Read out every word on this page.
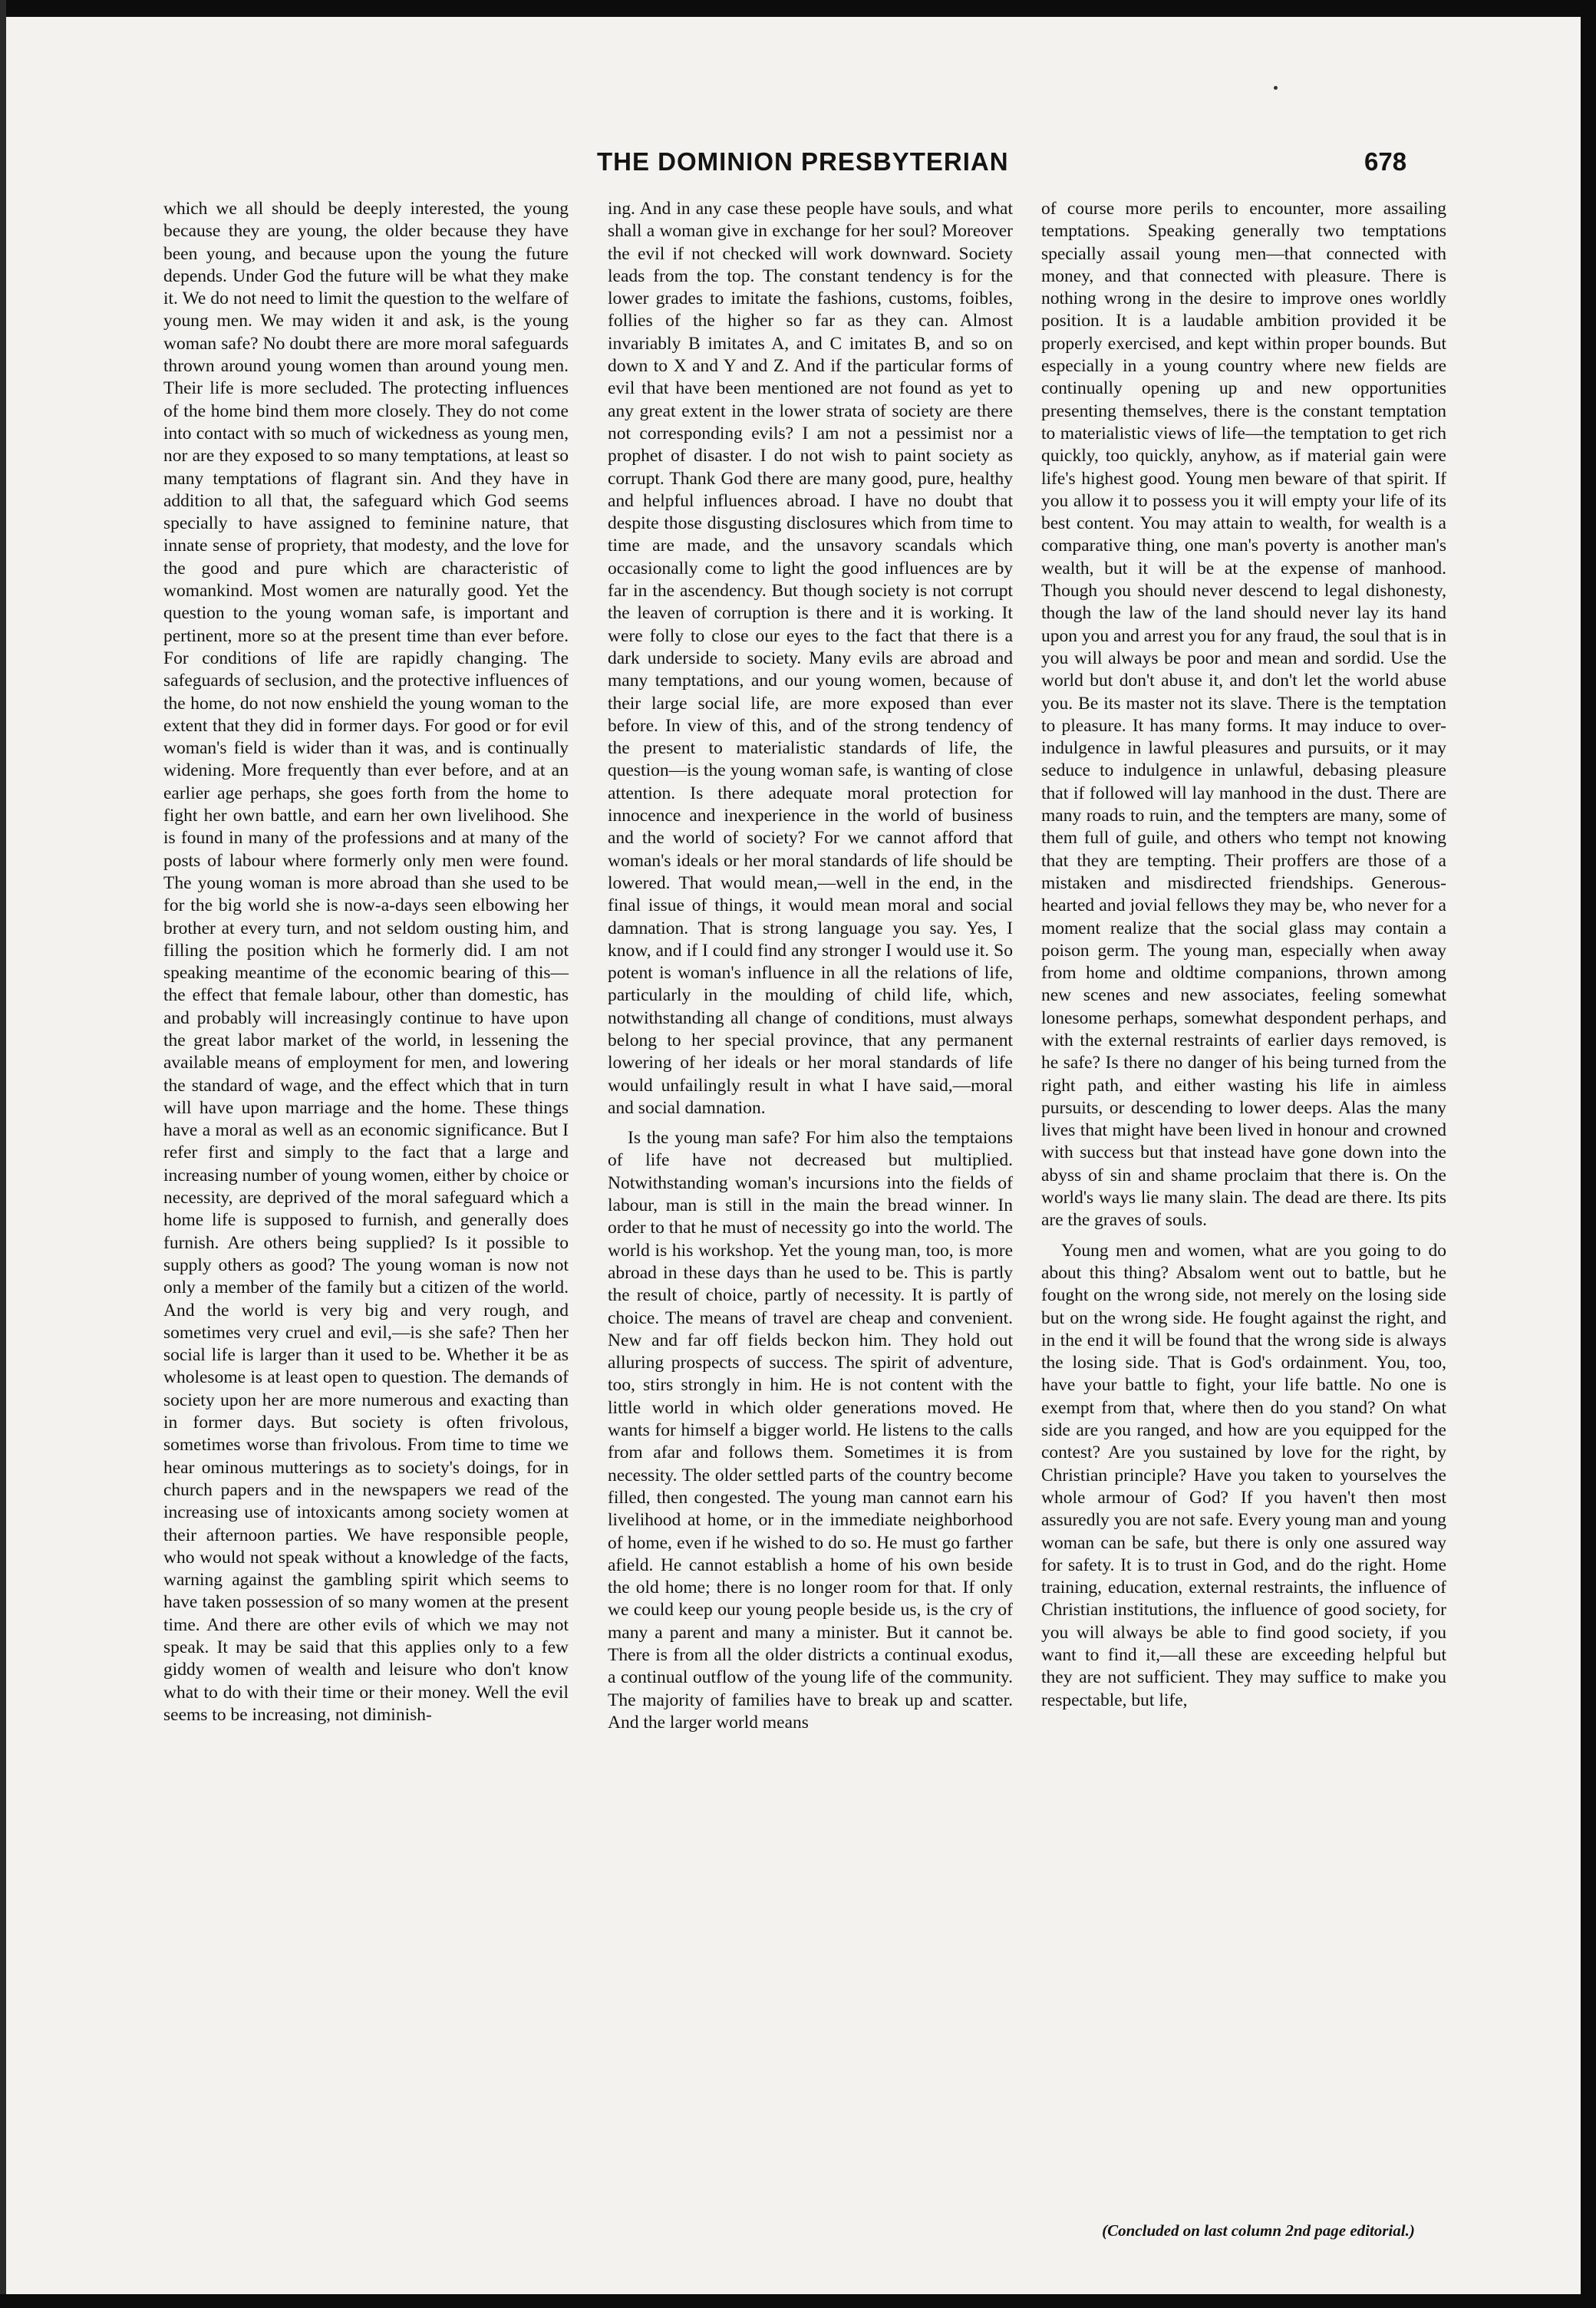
THE DOMINION PRESBYTERIAN	678

which we all should be deeply interested, the young because they are young, the older because they have been young, and because upon the young the future depends. Under God the future will be what they make it. We do not need to limit the question to the welfare of young men. We may widen it and ask, is the young woman safe? No doubt there are more moral safeguards thrown around young women than around young men. Their life is more secluded. The protecting influences of the home bind them more closely. They do not come into contact with so much of wickedness as young men, nor are they exposed to so many temptations, at least so many temptations of flagrant sin. And they have in addition to all that, the safeguard which God seems specially to have assigned to feminine nature, that innate sense of propriety, that modesty, and the love for the good and pure which are characteristic of womankind. Most women are naturally good. Yet the question to the young woman safe, is important and pertinent, more so at the present time than ever before. For conditions of life are rapidly changing. The safeguards of seclusion, and the protective influences of the home, do not now enshield the young woman to the extent that they did in former days. For good or for evil woman's field is wider than it was, and is continually widening. More frequently than ever before, and at an earlier age perhaps, she goes forth from the home to fight her own battle, and earn her own livelihood. She is found in many of the professions and at many of the posts of labour where formerly only men were found. The young woman is more abroad than she used to be for the big world she is now-a-days seen elbowing her brother at every turn, and not seldom ousting him, and filling the position which he formerly did. I am not speaking meantime of the economic bearing of this—the effect that female labour, other than domestic, has and probably will increasingly continue to have upon the great labor market of the world, in lessening the available means of employment for men, and lowering the standard of wage, and the effect which that in turn will have upon marriage and the home. These things have a moral as well as an economic significance. But I refer first and simply to the fact that a large and increasing number of young women, either by choice or necessity, are deprived of the moral safeguard which a home life is supposed to furnish, and generally does furnish. Are others being supplied? Is it possible to supply others as good? The young woman is now not only a member of the family but a citizen of the world. And the world is very big and very rough, and sometimes very cruel and evil,—is she safe? Then her social life is larger than it used to be. Whether it be as wholesome is at least open to question. The demands of society upon her are more numerous and exacting than in former days. But society is often frivolous, sometimes worse than frivolous. From time to time we hear ominous mutterings as to society's doings, for in church papers and in the newspapers we read of the increasing use of intoxicants among society women at their afternoon parties. We have responsible people, who would not speak without a knowledge of the facts, warning against the gambling spirit which seems to have taken possession of so many women at the present time. And there are other evils of which we may not speak. It may be said that this applies only to a few giddy women of wealth and leisure who don't know what to do with their time or their money. Well the evil seems to be increasing, not diminish-

ing. And in any case these people have souls, and what shall a woman give in exchange for her soul? Moreover the evil if not checked will work downward. Society leads from the top. The constant tendency is for the lower grades to imitate the fashions, customs, foibles, follies of the higher so far as they can. Almost invariably B imitates A, and C imitates B, and so on down to X and Y and Z. And if the particular forms of evil that have been mentioned are not found as yet to any great extent in the lower strata of society are there not corresponding evils? I am not a pessimist nor a prophet of disaster. I do not wish to paint society as corrupt. Thank God there are many good, pure, healthy and helpful influences abroad. I have no doubt that despite those disgusting disclosures which from time to time are made, and the unsavory scandals which occasionally come to light the good influences are by far in the ascendency. But though society is not corrupt the leaven of corruption is there and it is working. It were folly to close our eyes to the fact that there is a dark underside to society. Many evils are abroad and many temptations, and our young women, because of their large social life, are more exposed than ever before. In view of this, and of the strong tendency of the present to materialistic standards of life, the question—is the young woman safe, is wanting of close attention. Is there adequate moral protection for innocence and inexperience in the world of business and the world of society? For we cannot afford that woman's ideals or her moral standards of life should be lowered. That would mean,—well in the end, in the final issue of things, it would mean moral and social damnation. That is strong language you say. Yes, I know, and if I could find any stronger I would use it. So potent is woman's influence in all the relations of life, particularly in the moulding of child life, which, notwithstanding all change of conditions, must always belong to her special province, that any permanent lowering of her ideals or her moral standards of life would unfailingly result in what I have said,—moral and social damnation.

Is the young man safe? For him also the temptaions of life have not decreased but multiplied. Notwithstanding woman's incursions into the fields of labour, man is still in the main the bread winner. In order to that he must of necessity go into the world. The world is his workshop. Yet the young man, too, is more abroad in these days than he used to be. This is partly the result of choice, partly of necessity. It is partly of choice. The means of travel are cheap and convenient. New and far off fields beckon him. They hold out alluring prospects of success. The spirit of adventure, too, stirs strongly in him. He is not content with the little world in which older generations moved. He wants for himself a bigger world. He listens to the calls from afar and follows them. Sometimes it is from necessity. The older settled parts of the country become filled, then congested. The young man cannot earn his livelihood at home, or in the immediate neighborhood of home, even if he wished to do so. He must go farther afield. He cannot establish a home of his own beside the old home; there is no longer room for that. If only we could keep our young people beside us, is the cry of many a parent and many a minister. But it cannot be. There is from all the older districts a continual exodus, a continual outflow of the young life of the community. The majority of families have to break up and scatter. And the larger world means

of course more perils to encounter, more assailing temptations. Speaking generally two temptations specially assail young men—that connected with money, and that connected with pleasure. There is nothing wrong in the desire to improve ones worldly position. It is a laudable ambition provided it be properly exercised, and kept within proper bounds. But especially in a young country where new fields are continually opening up and new opportunities presenting themselves, there is the constant temptation to materialistic views of life—the temptation to get rich quickly, too quickly, anyhow, as if material gain were life's highest good. Young men beware of that spirit. If you allow it to possess you it will empty your life of its best content. You may attain to wealth, for wealth is a comparative thing, one man's poverty is another man's wealth, but it will be at the expense of manhood. Though you should never descend to legal dishonesty, though the law of the land should never lay its hand upon you and arrest you for any fraud, the soul that is in you will always be poor and mean and sordid. Use the world but don't abuse it, and don't let the world abuse you. Be its master not its slave. There is the temptation to pleasure. It has many forms. It may induce to over-indulgence in lawful pleasures and pursuits, or it may seduce to indulgence in unlawful, debasing pleasure that if followed will lay manhood in the dust. There are many roads to ruin, and the tempters are many, some of them full of guile, and others who tempt not knowing that they are tempting. Their proffers are those of a mistaken and misdirected friendships. Generous-hearted and jovial fellows they may be, who never for a moment realize that the social glass may contain a poison germ. The young man, especially when away from home and oldtime companions, thrown among new scenes and new associates, feeling somewhat lonesome perhaps, somewhat despondent perhaps, and with the external restraints of earlier days removed, is he safe? Is there no danger of his being turned from the right path, and either wasting his life in aimless pursuits, or descending to lower deeps. Alas the many lives that might have been lived in honour and crowned with success but that instead have gone down into the abyss of sin and shame proclaim that there is. On the world's ways lie many slain. The dead are there. Its pits are the graves of souls.

Young men and women, what are you going to do about this thing? Absalom went out to battle, but he fought on the wrong side, not merely on the losing side but on the wrong side. He fought against the right, and in the end it will be found that the wrong side is always the losing side. That is God's ordainment. You, too, have your battle to fight, your life battle. No one is exempt from that, where then do you stand? On what side are you ranged, and how are you equipped for the contest? Are you sustained by love for the right, by Christian principle? Have you taken to yourselves the whole armour of God? If you haven't then most assuredly you are not safe. Every young man and young woman can be safe, but there is only one assured way for safety. It is to trust in God, and do the right. Home training, education, external restraints, the influence of Christian institutions, the influence of good society, for you will always be able to find good society, if you want to find it,—all these are exceeding helpful but they are not sufficient. They may suffice to make you respectable, but life,

(Concluded on last column 2nd page editorial.)
